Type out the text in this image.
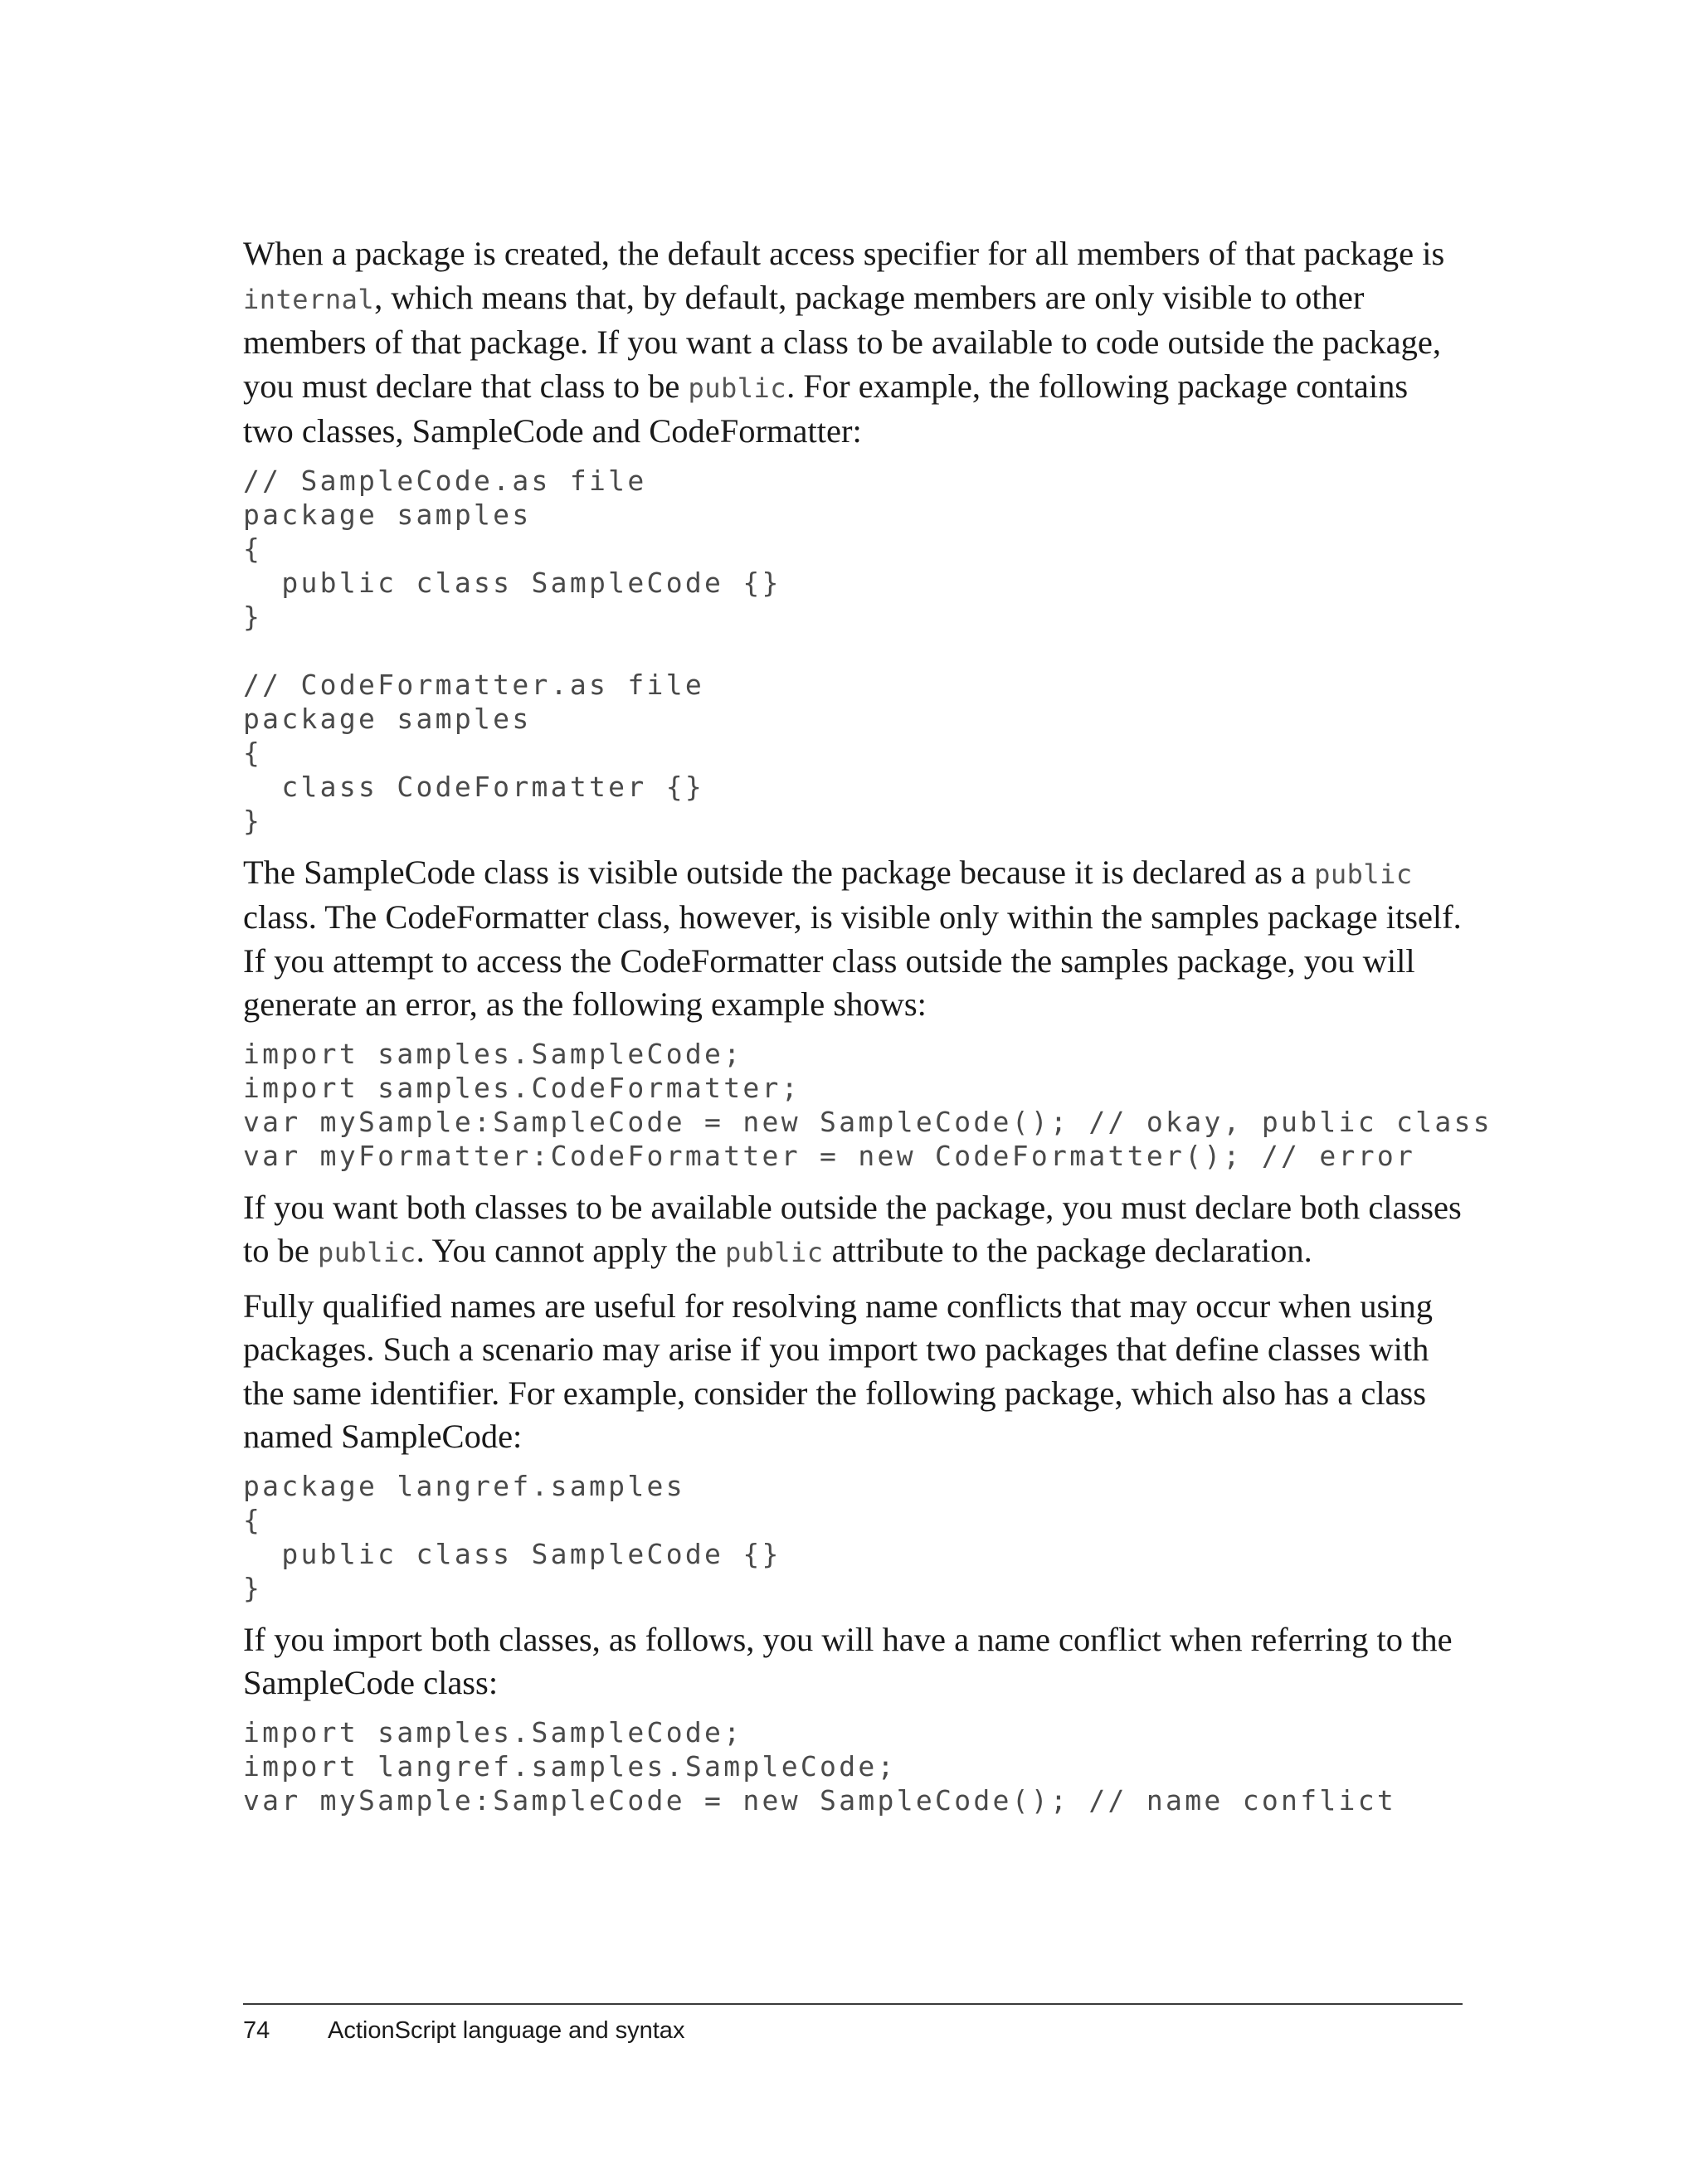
When a package is created, the default access specifier for all members of that package is
internal, which means that, by default, package members are only visible to other members of that package. If you want a class to be available to code outside the package, you must declare that class to be public. For example, the following package contains two classes, SampleCode and CodeFormatter:

// SampleCode.as file
package samples
{
public class SampleCode {}
}
// CodeFormatter.as file
package samples
{
class CodeFormatter {}
}

The SampleCode class is visible outside the package because it is declared as a public class. The CodeFormatter class, however, is visible only within the samples package itself. If you attempt to access the CodeFormatter class outside the samples package, you will generate an error, as the following example shows:

import samples.SampleCode;
import samples.CodeFormatter;
var mySample:SampleCode = new SampleCode(); // okay, public class
var myFormatter:CodeFormatter = new CodeFormatter(); // error

If you want both classes to be available outside the package, you must declare both classes to be public. You cannot apply the public attribute to the package declaration.

Fully qualified names are useful for resolving name conflicts that may occur when using packages. Such a scenario may arise if you import two packages that define classes with the same identifier. For example, consider the following package, which also has a class named SampleCode:

package langref.samples
{
public class SampleCode {}
}

If you import both classes, as follows, you will have a name conflict when referring to the SampleCode class:

import samples.SampleCode;
import langref.samples.SampleCode;
var mySample:SampleCode = new SampleCode(); // name conflict
74 ActionScript language and syntax
